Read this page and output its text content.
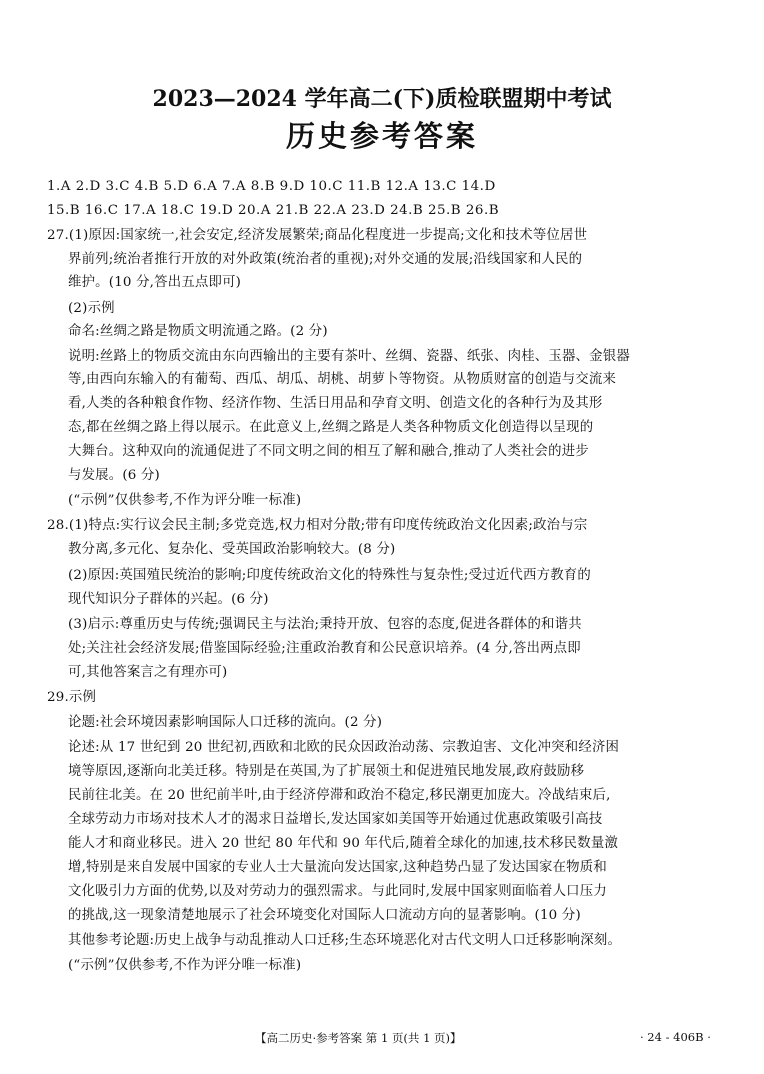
2023—2024 学年高二(下)质检联盟期中考试
历史参考答案
1.A 2.D 3.C 4.B 5.D 6.A 7.A 8.B 9.D 10.C 11.B 12.A 13.C 14.D
15.B 16.C 17.A 18.C 19.D 20.A 21.B 22.A 23.D 24.B 25.B 26.B
27.(1)原因:国家统一,社会安定,经济发展繁荣;商品化程度进一步提高;文化和技术等位居世
界前列;统治者推行开放的对外政策(统治者的重视);对外交通的发展;沿线国家和人民的
维护。(10 分,答出五点即可)
(2)示例
命名:丝绸之路是物质文明流通之路。(2 分)
说明:丝路上的物质交流由东向西输出的主要有茶叶、丝绸、瓷器、纸张、肉桂、玉器、金银器
等,由西向东输入的有葡萄、西瓜、胡瓜、胡桃、胡萝卜等物资。从物质财富的创造与交流来
看,人类的各种粮食作物、经济作物、生活日用品和孕育文明、创造文化的各种行为及其形
态,都在丝绸之路上得以展示。在此意义上,丝绸之路是人类各种物质文化创造得以呈现的
大舞台。这种双向的流通促进了不同文明之间的相互了解和融合,推动了人类社会的进步
与发展。(6 分)
(“示例”仅供参考,不作为评分唯一标准)
28.(1)特点:实行议会民主制;多党竞选,权力相对分散;带有印度传统政治文化因素;政治与宗
教分离,多元化、复杂化、受英国政治影响较大。(8 分)
(2)原因:英国殖民统治的影响;印度传统政治文化的特殊性与复杂性;受过近代西方教育的
现代知识分子群体的兴起。(6 分)
(3)启示:尊重历史与传统;强调民主与法治;秉持开放、包容的态度,促进各群体的和谐共
处;关注社会经济发展;借鉴国际经验;注重政治教育和公民意识培养。(4 分,答出两点即
可,其他答案言之有理亦可)
29.示例
论题:社会环境因素影响国际人口迁移的流向。(2 分)
论述:从 17 世纪到 20 世纪初,西欧和北欧的民众因政治动荡、宗教迫害、文化冲突和经济困
境等原因,逐渐向北美迁移。特别是在英国,为了扩展领土和促进殖民地发展,政府鼓励移
民前往北美。在 20 世纪前半叶,由于经济停滞和政治不稳定,移民潮更加庞大。冷战结束后,
全球劳动力市场对技术人才的渴求日益增长,发达国家如美国等开始通过优惠政策吸引高技
能人才和商业移民。进入 20 世纪 80 年代和 90 年代后,随着全球化的加速,技术移民数量激
增,特别是来自发展中国家的专业人士大量流向发达国家,这种趋势凸显了发达国家在物质和
文化吸引力方面的优势,以及对劳动力的强烈需求。与此同时,发展中国家则面临着人口压力
的挑战,这一现象清楚地展示了社会环境变化对国际人口流动方向的显著影响。(10 分)
其他参考论题:历史上战争与动乱推动人口迁移;生态环境恶化对古代文明人口迁移影响深刻。
(“示例”仅供参考,不作为评分唯一标准)
【高二历史·参考答案 第 1 页(共 1 页)】	· 24 - 406B ·
